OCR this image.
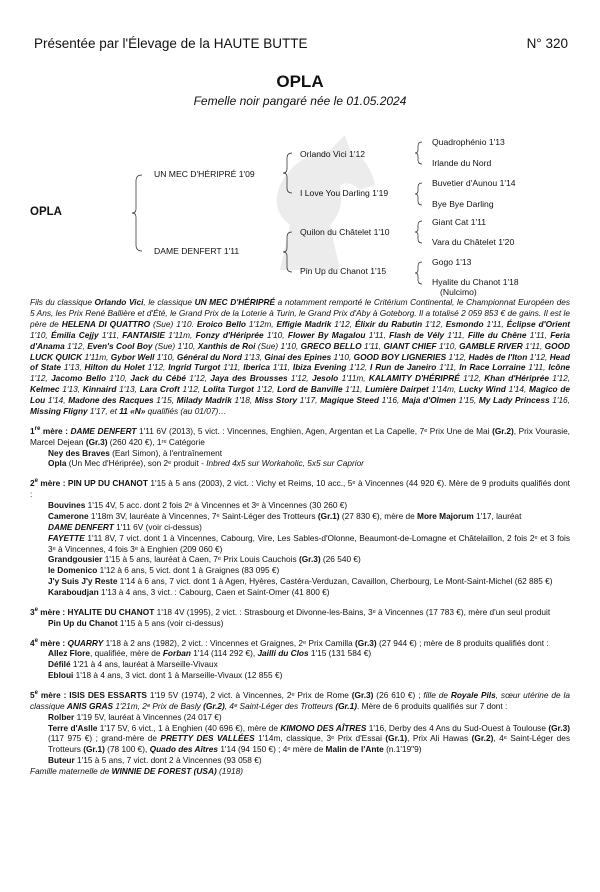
Présentée par l'Élevage de la HAUTE BUTTE	N° 320
OPLA
Femelle noir pangaré née le 01.05.2024
OPLA
UN MEC D'HÉRIPRÉ 1'09
DAME DENFERT 1'11
Orlando Vici 1'12
I Love You Darling 1'19
Quilon du Châtelet 1'10
Pin Up du Chanot 1'15
Quadrophénio 1'13
Irlande du Nord
Buvetier d'Aunou 1'14
Bye Bye Darling
Giant Cat 1'11
Vara du Châtelet 1'20
Gogo 1'13
Hyalite du Chanot 1'18
(Nulcimo)

Fils du classique Orlando Vici, le classique UN MEC D'HÉRIPRÉ a notamment remporté le Critérium Continental, le Championnat Européen des 5 Ans, les Prix René Ballière et d'Été, le Grand Prix de la Loterie à Turin, le Grand Prix d'Aby à Goteborg. Il a totalisé 2 059 853 € de gains. Il est le père de HELENA DI QUATTRO (Sue) 1'10. Eroico Bello 1'12m, Effigie Madrik 1'12, Élixir du Rabutin 1'12, Esmondo 1'11, Éclipse d'Orient 1'10, Émilia Cejjy 1'11, FANTAISIE 1'11m, Fonzy d'Hériprée 1'10, Flower By Magalou 1'11, Flash de Vély 1'11, Fille du Chêne 1'11, Feria d'Anama 1'12, Even's Cool Boy (Sue) 1'10, Xanthis de Roi (Sue) 1'10, GRECO BELLO 1'11, GIANT CHIEF 1'10, GAMBLE RIVER 1'11, GOOD LUCK QUICK 1'11m, Gybor Well 1'10, Général du Nord 1'13, Ginai des Epines 1'10, GOOD BOY LIGNERIES 1'12, Hadès de l'Iton 1'12, Head of State 1'13, Hilton du Holet 1'12, Ingrid Turgot 1'11, Iberica 1'11, Ibiza Evening 1'12, I Run de Janeiro 1'11, In Race Lorraine 1'11, Icône 1'12, Jacomo Bello 1'10, Jack du Cébé 1'12, Jaya des Brousses 1'12, Jesolo 1'11m, KALAMITY D'HÉRIPRÉ 1'12, Khan d'Hériprée 1'12, Kelmec 1'13, Kinnaird 1'13, Lara Croft 1'12, Lolita Turgot 1'12, Lord de Banville 1'11, Lumière Dairpet 1'14m, Lucky Wind 1'14, Magico de Lou 1'14, Madone des Racques 1'15, Milady Madrik 1'18, Miss Story 1'17, Magique Steed 1'16, Maja d'Olmen 1'15, My Lady Princess 1'16, Missing Fligny 1'17, et 11 «N» qualifiés (au 01/07)…

1re mère : DAME DENFERT 1'11 6V (2013), 5 vict. : Vincennes, Enghien, Agen, Argentan et La Capelle, 7ᵉ Prix Une de Mai (Gr.2), Prix Vourasie, Marcel Dejean (Gr.3) (260 420 €), 1ʳᵉ Catégorie

Ney des Braves (Earl Simon), à l'entraînement

Opla (Un Mec d'Hériprée), son 2ᵉ produit - Inbred 4x5 sur Workaholic, 5x5 sur Caprior

2e mère : PIN UP DU CHANOT 1'15 à 5 ans (2003), 2 vict. : Vichy et Reims, 10 acc., 5ᵉ à Vincennes (44 920 €). Mère de 9 produits qualifiés dont :

Bouvines 1'15 4V, 5 acc. dont 2 fois 2ᵉ à Vincennes et 3ᵉ à Vincennes (30 260 €)

Camerone 1'18m 3V, lauréate à Vincennes, 7ᵉ Saint-Léger des Trotteurs (Gr.1) (27 830 €), mère de More Majorum 1'17, lauréat

DAME DENFERT 1'11 6V (voir ci-dessus)

FAYETTE 1'11 8V, 7 vict. dont 1 à Vincennes, Cabourg, Vire, Les Sables-d'Olonne, Beaumont-de-Lomagne et Châtelaillon, 2 fois 2ᵉ et 3 fois 3ᵉ à Vincennes, 4 fois 3ᵉ à Enghien (209 060 €)

Grandgousier 1'15 à 5 ans, lauréat à Caen, 7ᵉ Prix Louis Cauchois (Gr.3) (26 540 €)

le Domenico 1'12 à 6 ans, 5 vict. dont 1 à Graignes (83 095 €)

J'y Suis J'y Reste 1'14 à 6 ans, 7 vict. dont 1 à Agen, Hyères, Castéra-Verduzan, Cavaillon, Cherbourg, Le Mont-Saint-Michel (62 885 €)

Karaboudjan 1'13 à 4 ans, 3 vict. : Cabourg, Caen et Saint-Omer (41 800 €)

3e mère : HYALITE DU CHANOT 1'18 4V (1995), 2 vict. : Strasbourg et Divonne-les-Bains, 3ᵉ à Vincennes (17 783 €), mère d'un seul produit

Pin Up du Chanot 1'15 à 5 ans (voir ci-dessus)

4e mère : QUARRY 1'18 à 2 ans (1982), 2 vict. : Vincennes et Graignes, 2ᵉ Prix Camilla (Gr.3) (27 944 €) ; mère de 8 produits qualifiés dont :

Allez Flore, qualifiée, mère de Forban 1'14 (114 292 €), Jailli du Clos 1'15 (131 584 €)

Défilé 1'21 à 4 ans, lauréat à Marseille-Vivaux

Ebloui 1'18 à 4 ans, 3 vict. dont 1 à Marseille-Vivaux (12 855 €)

5e mère : ISIS DES ESSARTS 1'19 5V (1974), 2 vict. à Vincennes, 2ᵉ Prix de Rome (Gr.3) (26 610 €) ; fille de Royale Pils, sœur utérine de la classique ANIS GRAS 1'21m, 2ᵉ Prix de Basly (Gr.2), 4ᵉ Saint-Léger des Trotteurs (Gr.1). Mère de 6 produits qualifiés sur 7 dont :

Rolber 1'19 5V, lauréat à Vincennes (24 017 €)

Terre d'Aslle 1'17 5V, 6 vict., 1 à Enghien (40 696 €), mère de KIMONO DES AÎTRES 1'16, Derby des 4 Ans du Sud-Ouest à Toulouse (Gr.3) (117 975 €) ; grand-mère de PRETTY DES VALLÉES 1'14m, classique, 3ᵉ Prix d'Essai (Gr.1), Prix Ali Hawas (Gr.2), 4ᵉ Saint-Léger des Trotteurs (Gr.1) (78 100 €), Quado des Aîtres 1'14 (94 150 €) ; 4ᵉ mère de Malin de l'Ante (n.1'19"9)

Buteur 1'15 à 5 ans, 7 vict. dont 2 à Vincennes (93 058 €)

Famille maternelle de WINNIE DE FOREST (USA) (1918)
